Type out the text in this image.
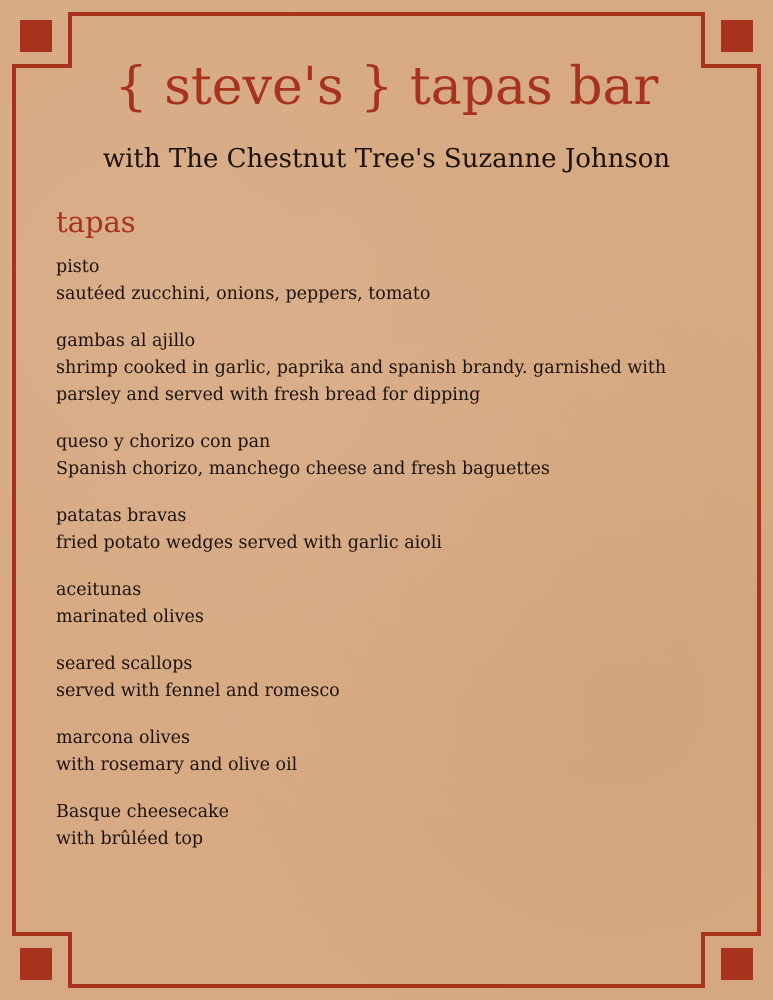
{ steve's } tapas bar
with The Chestnut Tree's Suzanne Johnson
tapas
pisto
sautéed zucchini, onions, peppers, tomato
gambas al ajillo
shrimp cooked in garlic, paprika and spanish brandy. garnished with parsley and served with fresh bread for dipping
queso y chorizo con pan
Spanish chorizo, manchego cheese and fresh baguettes
patatas bravas
fried potato wedges served with garlic aioli
aceitunas
marinated olives
seared scallops
served with fennel and romesco
marcona olives
with rosemary and olive oil
Basque cheesecake
with brûléed top
